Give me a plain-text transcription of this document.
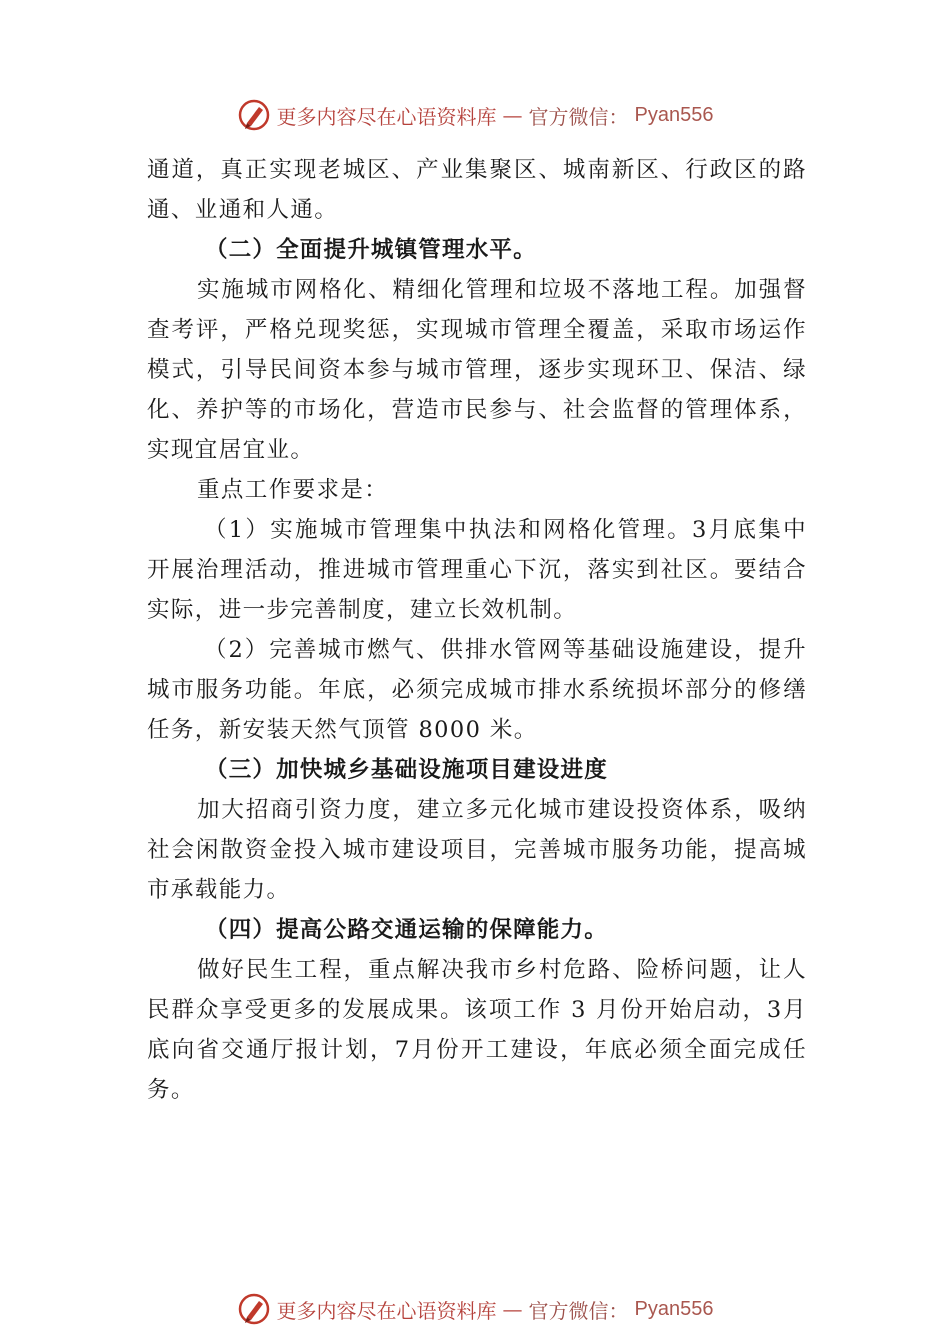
更多内容尽在心语资料库 — 官方微信： Pyan556

通道，真正实现老城区、产业集聚区、城南新区、行政区的路通、业通和人通。

（二）全面提升城镇管理水平。

实施城市网格化、精细化管理和垃圾不落地工程。加强督查考评，严格兑现奖惩，实现城市管理全覆盖，采取市场运作模式，引导民间资本参与城市管理，逐步实现环卫、保洁、绿化、养护等的市场化，营造市民参与、社会监督的管理体系，实现宜居宜业。

重点工作要求是：

（1）实施城市管理集中执法和网格化管理。3月底集中开展治理活动，推进城市管理重心下沉，落实到社区。要结合实际，进一步完善制度，建立长效机制。

（2）完善城市燃气、供排水管网等基础设施建设，提升城市服务功能。年底，必须完成城市排水系统损坏部分的修缮任务，新安装天然气顶管 8000 米。

（三）加快城乡基础设施项目建设进度

加大招商引资力度，建立多元化城市建设投资体系，吸纳社会闲散资金投入城市建设项目，完善城市服务功能，提高城市承载能力。

（四）提高公路交通运输的保障能力。

做好民生工程，重点解决我市乡村危路、险桥问题，让人民群众享受更多的发展成果。该项工作 3 月份开始启动，3月底向省交通厅报计划，7月份开工建设，年底必须全面完成任务。

更多内容尽在心语资料库 — 官方微信： Pyan556
